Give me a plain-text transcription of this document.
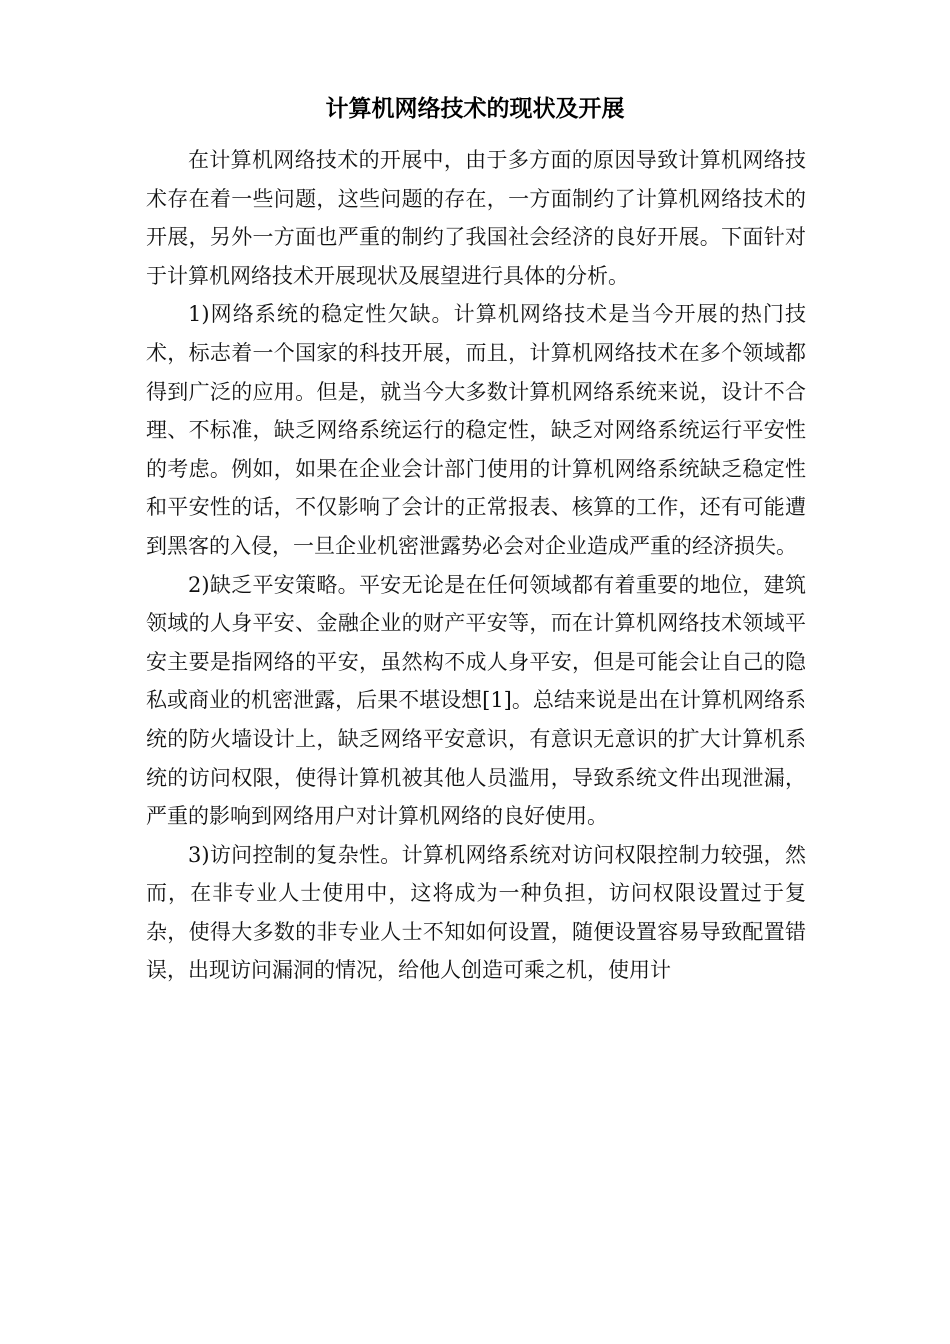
计算机网络技术的现状及开展

在计算机网络技术的开展中，由于多方面的原因导致计算机网络技术存在着一些问题，这些问题的存在，一方面制约了计算机网络技术的开展，另外一方面也严重的制约了我国社会经济的良好开展。下面针对于计算机网络技术开展现状及展望进行具体的分析。

1)网络系统的稳定性欠缺。计算机网络技术是当今开展的热门技术，标志着一个国家的科技开展，而且，计算机网络技术在多个领域都得到广泛的应用。但是，就当今大多数计算机网络系统来说，设计不合理、不标准，缺乏网络系统运行的稳定性，缺乏对网络系统运行平安性的考虑。例如，如果在企业会计部门使用的计算机网络系统缺乏稳定性和平安性的话，不仅影响了会计的正常报表、核算的工作，还有可能遭到黑客的入侵，一旦企业机密泄露势必会对企业造成严重的经济损失。

2)缺乏平安策略。平安无论是在任何领域都有着重要的地位，建筑领域的人身平安、金融企业的财产平安等，而在计算机网络技术领域平安主要是指网络的平安，虽然构不成人身平安，但是可能会让自己的隐私或商业的机密泄露，后果不堪设想[1]。总结来说是出在计算机网络系统的防火墙设计上，缺乏网络平安意识，有意识无意识的扩大计算机系统的访问权限，使得计算机被其他人员滥用，导致系统文件出现泄漏，严重的影响到网络用户对计算机网络的良好使用。

3)访问控制的复杂性。计算机网络系统对访问权限控制力较强，然而，在非专业人士使用中，这将成为一种负担，访问权限设置过于复杂，使得大多数的非专业人士不知如何设置，随便设置容易导致配置错误，出现访问漏洞的情况，给他人创造可乘之机，使用计
